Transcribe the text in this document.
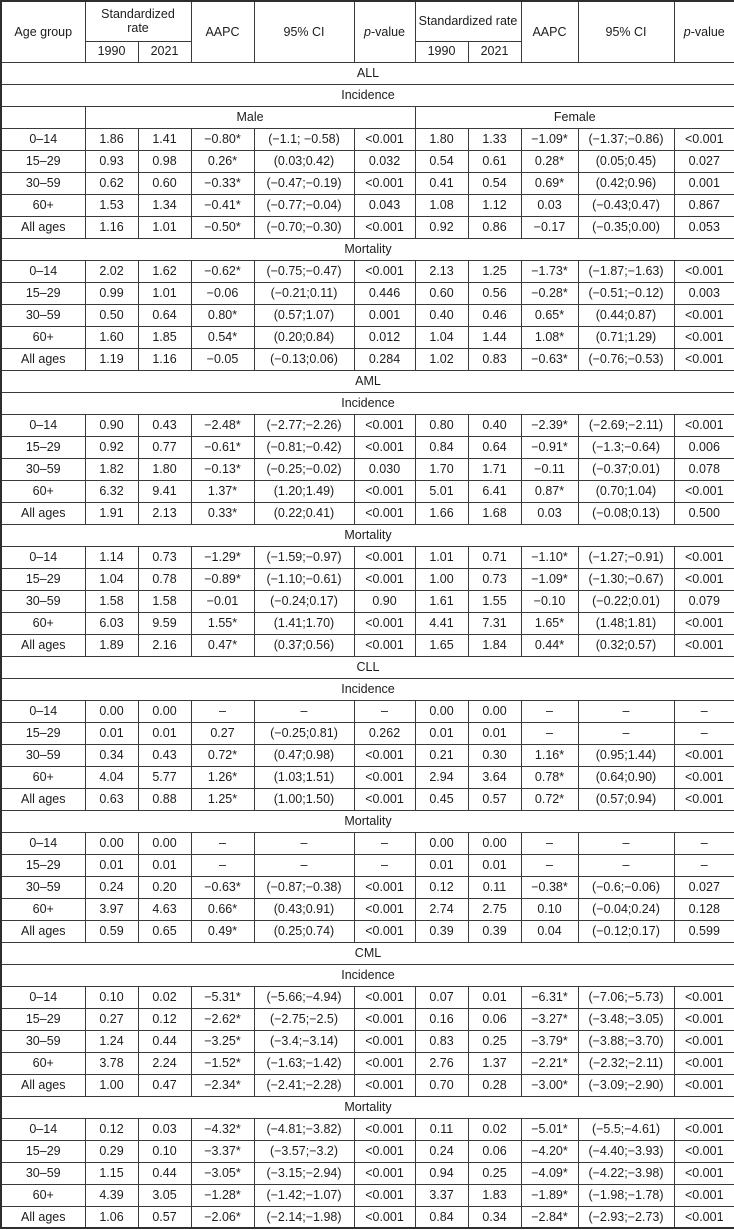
Age group	Standardized rate		AAPC	95% CI	p-value	Standardized rate		AAPC	95% CI	p-value
	1990	2021				1990	2021			
ALL										
Incidence										
	Male					Female				
0–14	1.86	1.41	−0.80*	(−1.1; −0.58)	<0.001	1.80	1.33	−1.09*	(−1.37;−0.86)	<0.001
15–29	0.93	0.98	0.26*	(0.03;0.42)	0.032	0.54	0.61	0.28*	(0.05;0.45)	0.027
30–59	0.62	0.60	−0.33*	(−0.47;−0.19)	<0.001	0.41	0.54	0.69*	(0.42;0.96)	0.001
60+	1.53	1.34	−0.41*	(−0.77;−0.04)	0.043	1.08	1.12	0.03	(−0.43;0.47)	0.867
All ages	1.16	1.01	−0.50*	(−0.70;−0.30)	<0.001	0.92	0.86	−0.17	(−0.35;0.00)	0.053
Mortality										
0–14	2.02	1.62	−0.62*	(−0.75;−0.47)	<0.001	2.13	1.25	−1.73*	(−1.87;−1.63)	<0.001
15–29	0.99	1.01	−0.06	(−0.21;0.11)	0.446	0.60	0.56	−0.28*	(−0.51;−0.12)	0.003
30–59	0.50	0.64	0.80*	(0.57;1.07)	0.001	0.40	0.46	0.65*	(0.44;0.87)	<0.001
60+	1.60	1.85	0.54*	(0.20;0.84)	0.012	1.04	1.44	1.08*	(0.71;1.29)	<0.001
All ages	1.19	1.16	−0.05	(−0.13;0.06)	0.284	1.02	0.83	−0.63*	(−0.76;−0.53)	<0.001
AML										
Incidence										
0–14	0.90	0.43	−2.48*	(−2.77;−2.26)	<0.001	0.80	0.40	−2.39*	(−2.69;−2.11)	<0.001
15–29	0.92	0.77	−0.61*	(−0.81;−0.42)	<0.001	0.84	0.64	−0.91*	(−1.3;−0.64)	0.006
30–59	1.82	1.80	−0.13*	(−0.25;−0.02)	0.030	1.70	1.71	−0.11	(−0.37;0.01)	0.078
60+	6.32	9.41	1.37*	(1.20;1.49)	<0.001	5.01	6.41	0.87*	(0.70;1.04)	<0.001
All ages	1.91	2.13	0.33*	(0.22;0.41)	<0.001	1.66	1.68	0.03	(−0.08;0.13)	0.500
Mortality										
0–14	1.14	0.73	−1.29*	(−1.59;−0.97)	<0.001	1.01	0.71	−1.10*	(−1.27;−0.91)	<0.001
15–29	1.04	0.78	−0.89*	(−1.10;−0.61)	<0.001	1.00	0.73	−1.09*	(−1.30;−0.67)	<0.001
30–59	1.58	1.58	−0.01	(−0.24;0.17)	0.90	1.61	1.55	−0.10	(−0.22;0.01)	0.079
60+	6.03	9.59	1.55*	(1.41;1.70)	<0.001	4.41	7.31	1.65*	(1.48;1.81)	<0.001
All ages	1.89	2.16	0.47*	(0.37;0.56)	<0.001	1.65	1.84	0.44*	(0.32;0.57)	<0.001
CLL										
Incidence										
0–14	0.00	0.00	–	–	–	0.00	0.00	–	–	–
15–29	0.01	0.01	0.27	(−0.25;0.81)	0.262	0.01	0.01	–	–	–
30–59	0.34	0.43	0.72*	(0.47;0.98)	<0.001	0.21	0.30	1.16*	(0.95;1.44)	<0.001
60+	4.04	5.77	1.26*	(1.03;1.51)	<0.001	2.94	3.64	0.78*	(0.64;0.90)	<0.001
All ages	0.63	0.88	1.25*	(1.00;1.50)	<0.001	0.45	0.57	0.72*	(0.57;0.94)	<0.001
Mortality										
0–14	0.00	0.00	–	–	–	0.00	0.00	–	–	–
15–29	0.01	0.01	–	–	–	0.01	0.01	–	–	–
30–59	0.24	0.20	−0.63*	(−0.87;−0.38)	<0.001	0.12	0.11	−0.38*	(−0.6;−0.06)	0.027
60+	3.97	4.63	0.66*	(0.43;0.91)	<0.001	2.74	2.75	0.10	(−0.04;0.24)	0.128
All ages	0.59	0.65	0.49*	(0.25;0.74)	<0.001	0.39	0.39	0.04	(−0.12;0.17)	0.599
CML										
Incidence										
0–14	0.10	0.02	−5.31*	(−5.66;−4.94)	<0.001	0.07	0.01	−6.31*	(−7.06;−5.73)	<0.001
15–29	0.27	0.12	−2.62*	(−2.75;−2.5)	<0.001	0.16	0.06	−3.27*	(−3.48;−3.05)	<0.001
30–59	1.24	0.44	−3.25*	(−3.4;−3.14)	<0.001	0.83	0.25	−3.79*	(−3.88;−3.70)	<0.001
60+	3.78	2.24	−1.52*	(−1.63;−1.42)	<0.001	2.76	1.37	−2.21*	(−2.32;−2.11)	<0.001
All ages	1.00	0.47	−2.34*	(−2.41;−2.28)	<0.001	0.70	0.28	−3.00*	(−3.09;−2.90)	<0.001
Mortality										
0–14	0.12	0.03	−4.32*	(−4.81;−3.82)	<0.001	0.11	0.02	−5.01*	(−5.5;−4.61)	<0.001
15–29	0.29	0.10	−3.37*	(−3.57;−3.2)	<0.001	0.24	0.06	−4.20*	(−4.40;−3.93)	<0.001
30–59	1.15	0.44	−3.05*	(−3.15;−2.94)	<0.001	0.94	0.25	−4.09*	(−4.22;−3.98)	<0.001
60+	4.39	3.05	−1.28*	(−1.42;−1.07)	<0.001	3.37	1.83	−1.89*	(−1.98;−1.78)	<0.001
All ages	1.06	0.57	−2.06*	(−2.14;−1.98)	<0.001	0.84	0.34	−2.84*	(−2.93;−2.73)	<0.001
